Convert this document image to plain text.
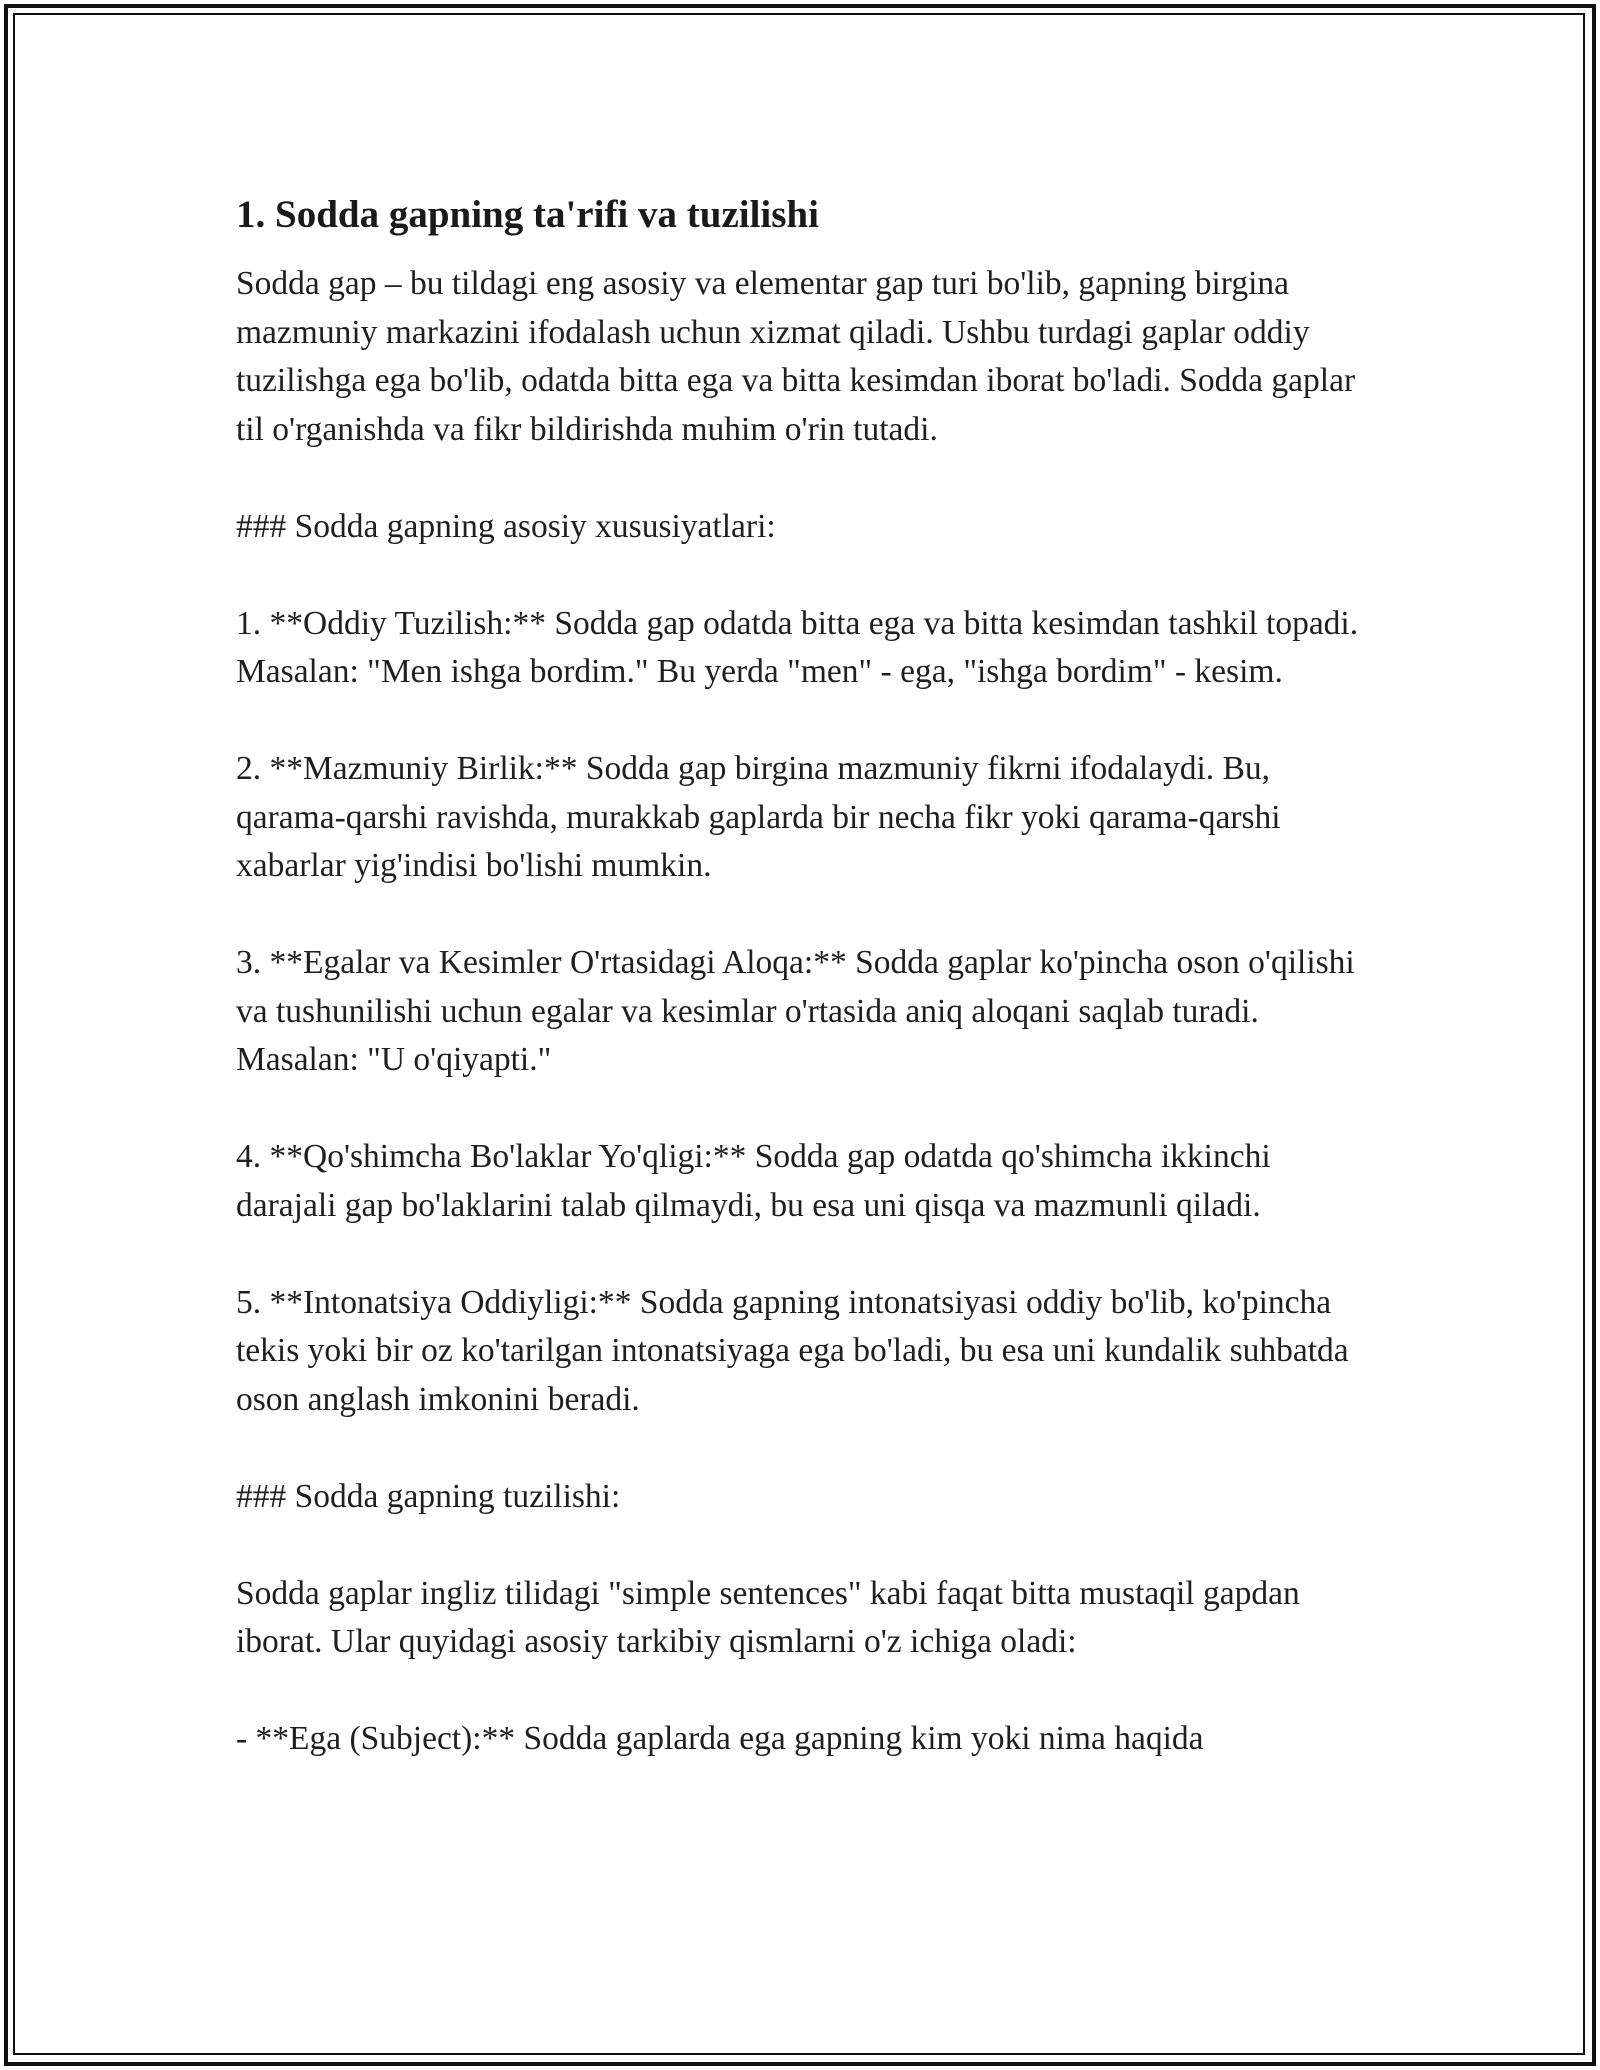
1. Sodda gapning ta'rifi va tuzilishi

Sodda gap – bu tildagi eng asosiy va elementar gap turi bo'lib, gapning birgina mazmuniy markazini ifodalash uchun xizmat qiladi. Ushbu turdagi gaplar oddiy tuzilishga ega bo'lib, odatda bitta ega va bitta kesimdan iborat bo'ladi. Sodda gaplar til o'rganishda va fikr bildirishda muhim o'rin tutadi.

### Sodda gapning asosiy xususiyatlari:

1. **Oddiy Tuzilish:** Sodda gap odatda bitta ega va bitta kesimdan tashkil topadi. Masalan: "Men ishga bordim." Bu yerda "men" - ega, "ishga bordim" - kesim.

2. **Mazmuniy Birlik:** Sodda gap birgina mazmuniy fikrni ifodalaydi. Bu, qarama-qarshi ravishda, murakkab gaplarda bir necha fikr yoki qarama-qarshi xabarlar yig'indisi bo'lishi mumkin.

3. **Egalar va Kesimler O'rtasidagi Aloqa:** Sodda gaplar ko'pincha oson o'qilishi va tushunilishi uchun egalar va kesimlar o'rtasida aniq aloqani saqlab turadi. Masalan: "U o'qiyapti."

4. **Qo'shimcha Bo'laklar Yo'qligi:** Sodda gap odatda qo'shimcha ikkinchi darajali gap bo'laklarini talab qilmaydi, bu esa uni qisqa va mazmunli qiladi.

5. **Intonatsiya Oddiyligi:** Sodda gapning intonatsiyasi oddiy bo'lib, ko'pincha tekis yoki bir oz ko'tarilgan intonatsiyaga ega bo'ladi, bu esa uni kundalik suhbatda oson anglash imkonini beradi.

### Sodda gapning tuzilishi:

Sodda gaplar ingliz tilidagi "simple sentences" kabi faqat bitta mustaqil gapdan iborat. Ular quyidagi asosiy tarkibiy qismlarni o'z ichiga oladi:

- **Ega (Subject):** Sodda gaplarda ega gapning kim yoki nima haqida
